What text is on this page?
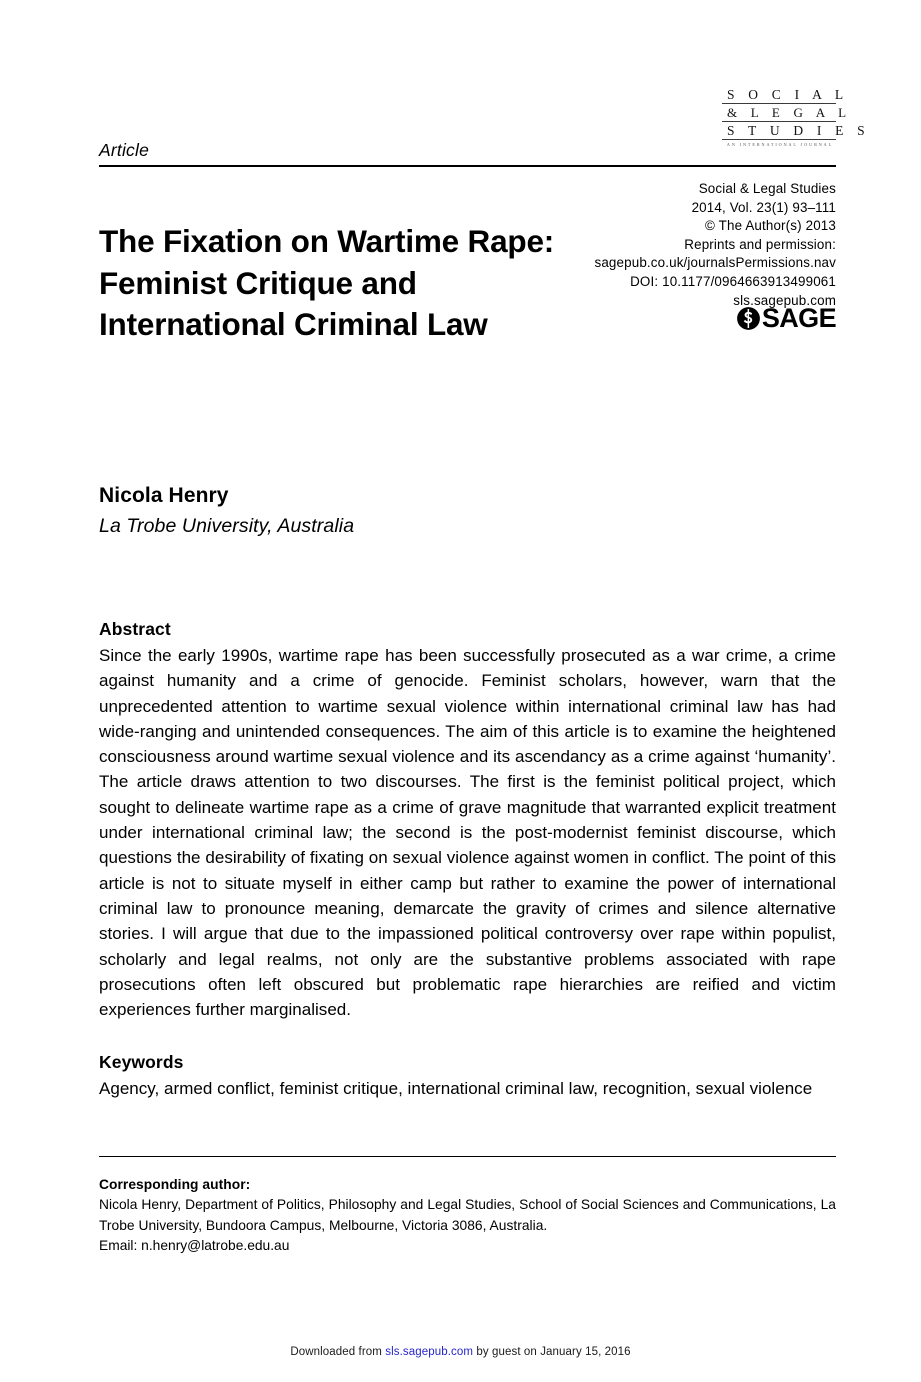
S O C I A L
& L E G A L
S T U D I E S
AN INTERNATIONAL JOURNAL
Article
Social & Legal Studies
2014, Vol. 23(1) 93–111
© The Author(s) 2013
Reprints and permission:
sagepub.co.uk/journalsPermissions.nav
DOI: 10.1177/0964663913499061
sls.sagepub.com
SAGE
The Fixation on Wartime Rape: Feminist Critique and International Criminal Law
Nicola Henry
La Trobe University, Australia
Abstract
Since the early 1990s, wartime rape has been successfully prosecuted as a war crime, a crime against humanity and a crime of genocide. Feminist scholars, however, warn that the unprecedented attention to wartime sexual violence within international criminal law has had wide-ranging and unintended consequences. The aim of this article is to examine the heightened consciousness around wartime sexual violence and its ascendancy as a crime against ‘humanity’. The article draws attention to two discourses. The first is the feminist political project, which sought to delineate wartime rape as a crime of grave magnitude that warranted explicit treatment under international criminal law; the second is the post-modernist feminist discourse, which questions the desirability of fixating on sexual violence against women in conflict. The point of this article is not to situate myself in either camp but rather to examine the power of international criminal law to pronounce meaning, demarcate the gravity of crimes and silence alternative stories. I will argue that due to the impassioned political controversy over rape within populist, scholarly and legal realms, not only are the substantive problems associated with rape prosecutions often left obscured but problematic rape hierarchies are reified and victim experiences further marginalised.
Keywords
Agency, armed conflict, feminist critique, international criminal law, recognition, sexual violence
Corresponding author:
Nicola Henry, Department of Politics, Philosophy and Legal Studies, School of Social Sciences and Communications, La Trobe University, Bundoora Campus, Melbourne, Victoria 3086, Australia.
Email: n.henry@latrobe.edu.au
Downloaded from sls.sagepub.com by guest on January 15, 2016
